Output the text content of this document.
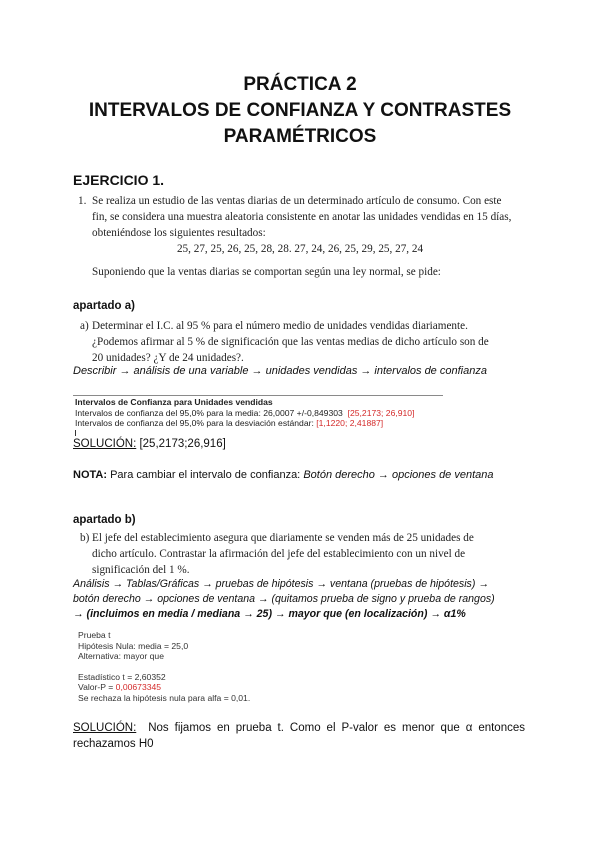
PRÁCTICA 2
INTERVALOS DE CONFIANZA Y CONTRASTES
PARAMÉTRICOS
EJERCICIO 1.
1. Se realiza un estudio de las ventas diarias de un determinado artículo de consumo. Con este
fin, se considera una muestra aleatoria consistente en anotar las unidades vendidas en 15 días,
obteniéndose los siguientes resultados:
25, 27, 25, 26, 25, 28, 28. 27, 24, 26, 25, 29, 25, 27, 24
Suponiendo que la ventas diarias se comportan según una ley normal, se pide:
apartado a)
a) Determinar el I.C. al 95 % para el número medio de unidades vendidas diariamente.
¿Podemos afirmar al 5 % de significación que las ventas medias de dicho artículo son de
20 unidades? ¿Y de 24 unidades?.
Describir → análisis de una variable → unidades vendidas → intervalos de confianza
Intervalos de Confianza para Unidades vendidas
Intervalos de confianza del 95,0% para la media: 26,0007 +/-0,849303 [25,2173; 26,910]
Intervalos de confianza del 95,0% para la desviación estándar: [1,1220; 2,41887]
SOLUCIÓN: [25,2173;26,916]
NOTA: Para cambiar el intervalo de confianza: Botón derecho → opciones de ventana
apartado b)
b) El jefe del establecimiento asegura que diariamente se venden más de 25 unidades de
dicho artículo. Contrastar la afirmación del jefe del establecimiento con un nivel de
significación del 1 %.
Análisis → Tablas/Gráficas → pruebas de hipótesis → ventana (pruebas de hipótesis) →
botón derecho → opciones de ventana → (quitamos prueba de signo y prueba de rangos)
→ (incluimos en media / mediana → 25) → mayor que (en localización) → α1%
Prueba t
Hipótesis Nula: media = 25,0
Alternativa: mayor que
Estadístico t = 2,60352
Valor-P = 0,00673345
Se rechaza la hipótesis nula para alfa = 0,01.
SOLUCIÓN: Nos fijamos en prueba t. Como el P-valor es menor que α entonces
rechazamos H0
